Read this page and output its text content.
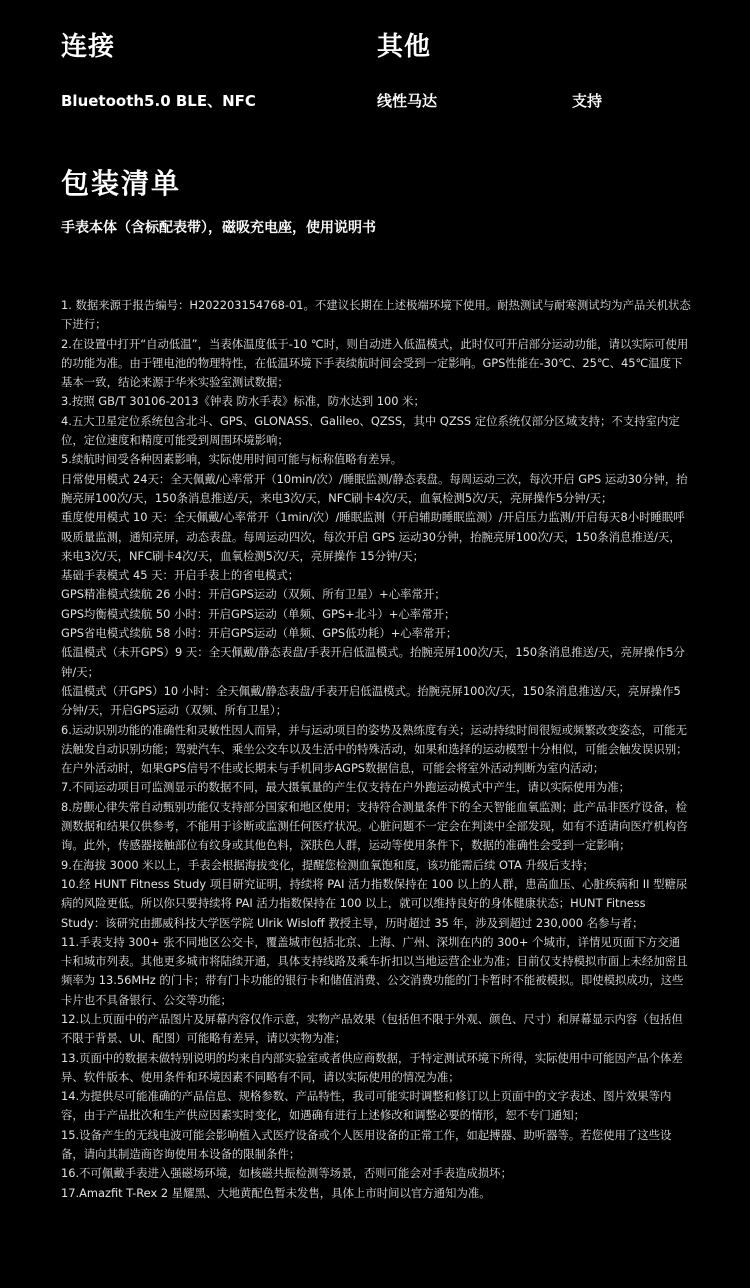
连接
Bluetooth5.0 BLE、NFC
其他
线性马达	支持
包装清单
手表本体（含标配表带），磁吸充电座，使用说明书

1. 数据来源于报告编号：H202203154768-01。不建议长期在上述极端环境下使用。耐热测试与耐寒测试均为产品关机状态下进行；

2.在设置中打开“自动低温”，当表体温度低于-10 ℃时，则自动进入低温模式，此时仅可开启部分运动功能，请以实际可使用的功能为准。由于锂电池的物理特性，在低温环境下手表续航时间会受到一定影响。GPS性能在-30℃、25℃、45℃温度下基本一致，结论来源于华米实验室测试数据；

3.按照 GB/T 30106-2013《钟表 防水手表》标准，防水达到 100 米；

4.五大卫星定位系统包含北斗、GPS、GLONASS、Galileo、QZSS，其中 QZSS 定位系统仅部分区域支持；不支持室内定位，定位速度和精度可能受到周围环境影响；

5.续航时间受各种因素影响，实际使用时间可能与标称值略有差异。

日常使用模式 24天：全天佩戴/心率常开（10min/次）/睡眠监测/静态表盘。每周运动三次，每次开启 GPS 运动30分钟，抬腕亮屏100次/天，150条消息推送/天，来电3次/天，NFC刷卡4次/天，血氧检测5次/天，亮屏操作5分钟/天；

重度使用模式 10 天：全天佩戴/心率常开（1min/次）/睡眠监测（开启辅助睡眠监测）/开启压力监测/开启每天8小时睡眠呼吸质量监测，通知亮屏，动态表盘。每周运动四次，每次开启 GPS 运动30分钟，抬腕亮屏100次/天，150条消息推送/天，来电3次/天，NFC刷卡4次/天，血氧检测5次/天，亮屏操作 15分钟/天；

基础手表模式 45 天：开启手表上的省电模式；

GPS精准模式续航 26 小时：开启GPS运动（双频、所有卫星）+心率常开；

GPS均衡模式续航 50 小时：开启GPS运动（单频、GPS+北斗）+心率常开；

GPS省电模式续航 58 小时：开启GPS运动（单频、GPS低功耗）+心率常开；

低温模式（未开GPS）9 天：全天佩戴/静态表盘/手表开启低温模式。抬腕亮屏100次/天，150条消息推送/天，亮屏操作5分钟/天；

低温模式（开GPS）10 小时：全天佩戴/静态表盘/手表开启低温模式。抬腕亮屏100次/天，150条消息推送/天，亮屏操作5分钟/天，开启GPS运动（双频、所有卫星）；

6.运动识别功能的准确性和灵敏性因人而异，并与运动项目的姿势及熟练度有关；运动持续时间很短或频繁改变姿态，可能无法触发自动识别功能；驾驶汽车、乘坐公交车以及生活中的特殊活动，如果和选择的运动模型十分相似，可能会触发误识别；在户外活动时，如果GPS信号不佳或长期未与手机同步AGPS数据信息，可能会将室外活动判断为室内活动；

7.不同运动项目可监测显示的数据不同，最大摄氧量的产生仅支持在户外跑运动模式中产生，请以实际使用为准；

8.房颤心律失常自动甄别功能仅支持部分国家和地区使用；支持符合测量条件下的全天智能血氧监测；此产品非医疗设备，检测数据和结果仅供参考，不能用于诊断或监测任何医疗状况。心脏问题不一定会在判读中全部发现，如有不适请向医疗机构咨询。此外，传感器接触部位有纹身或其他色料，深肤色人群，运动等使用条件下，数据的准确性会受到一定影响；

9.在海拔 3000 米以上，手表会根据海拔变化，提醒您检测血氧饱和度，该功能需后续 OTA 升级后支持；

10.经 HUNT Fitness Study 项目研究证明，持续将 PAI 活力指数保持在 100 以上的人群，患高血压、心脏疾病和 II 型糖尿病的风险更低。所以你只要持续将 PAI 活力指数保持在 100 以上，就可以维持良好的身体健康状态；HUNT Fitness Study：该研究由挪威科技大学医学院 Ulrik Wisloff 教授主导，历时超过 35 年，涉及到超过 230,000 名参与者；

11.手表支持 300+ 张不同地区公交卡，覆盖城市包括北京、上海、广州、深圳在内的 300+ 个城市，详情见页面下方交通卡和城市列表。其他更多城市将陆续开通，具体支持线路及乘车折扣以当地运营企业为准；目前仅支持模拟市面上未经加密且频率为 13.56MHz 的门卡；带有门卡功能的银行卡和储值消费、公交消费功能的门卡暂时不能被模拟。即使模拟成功，这些卡片也不具备银行、公交等功能；

12.以上页面中的产品图片及屏幕内容仅作示意，实物产品效果（包括但不限于外观、颜色、尺寸）和屏幕显示内容（包括但不限于背景、UI、配图）可能略有差异，请以实物为准；

13.页面中的数据未做特别说明的均来自内部实验室或者供应商数据，于特定测试环境下所得，实际使用中可能因产品个体差异、软件版本、使用条件和环境因素不同略有不同，请以实际使用的情况为准；

14.为提供尽可能准确的产品信息、规格参数、产品特性，我司可能实时调整和修订以上页面中的文字表述、图片效果等内容，由于产品批次和生产供应因素实时变化，如遇确有进行上述修改和调整必要的情形，恕不专门通知；

15.设备产生的无线电波可能会影响植入式医疗设备或个人医用设备的正常工作，如起搏器、助听器等。若您使用了这些设备，请向其制造商咨询使用本设备的限制条件；

16.不可佩戴手表进入强磁场环境，如核磁共振检测等场景，否则可能会对手表造成损坏；

17.Amazfit T-Rex 2 星耀黑、大地黄配色暂未发售，具体上市时间以官方通知为准。
